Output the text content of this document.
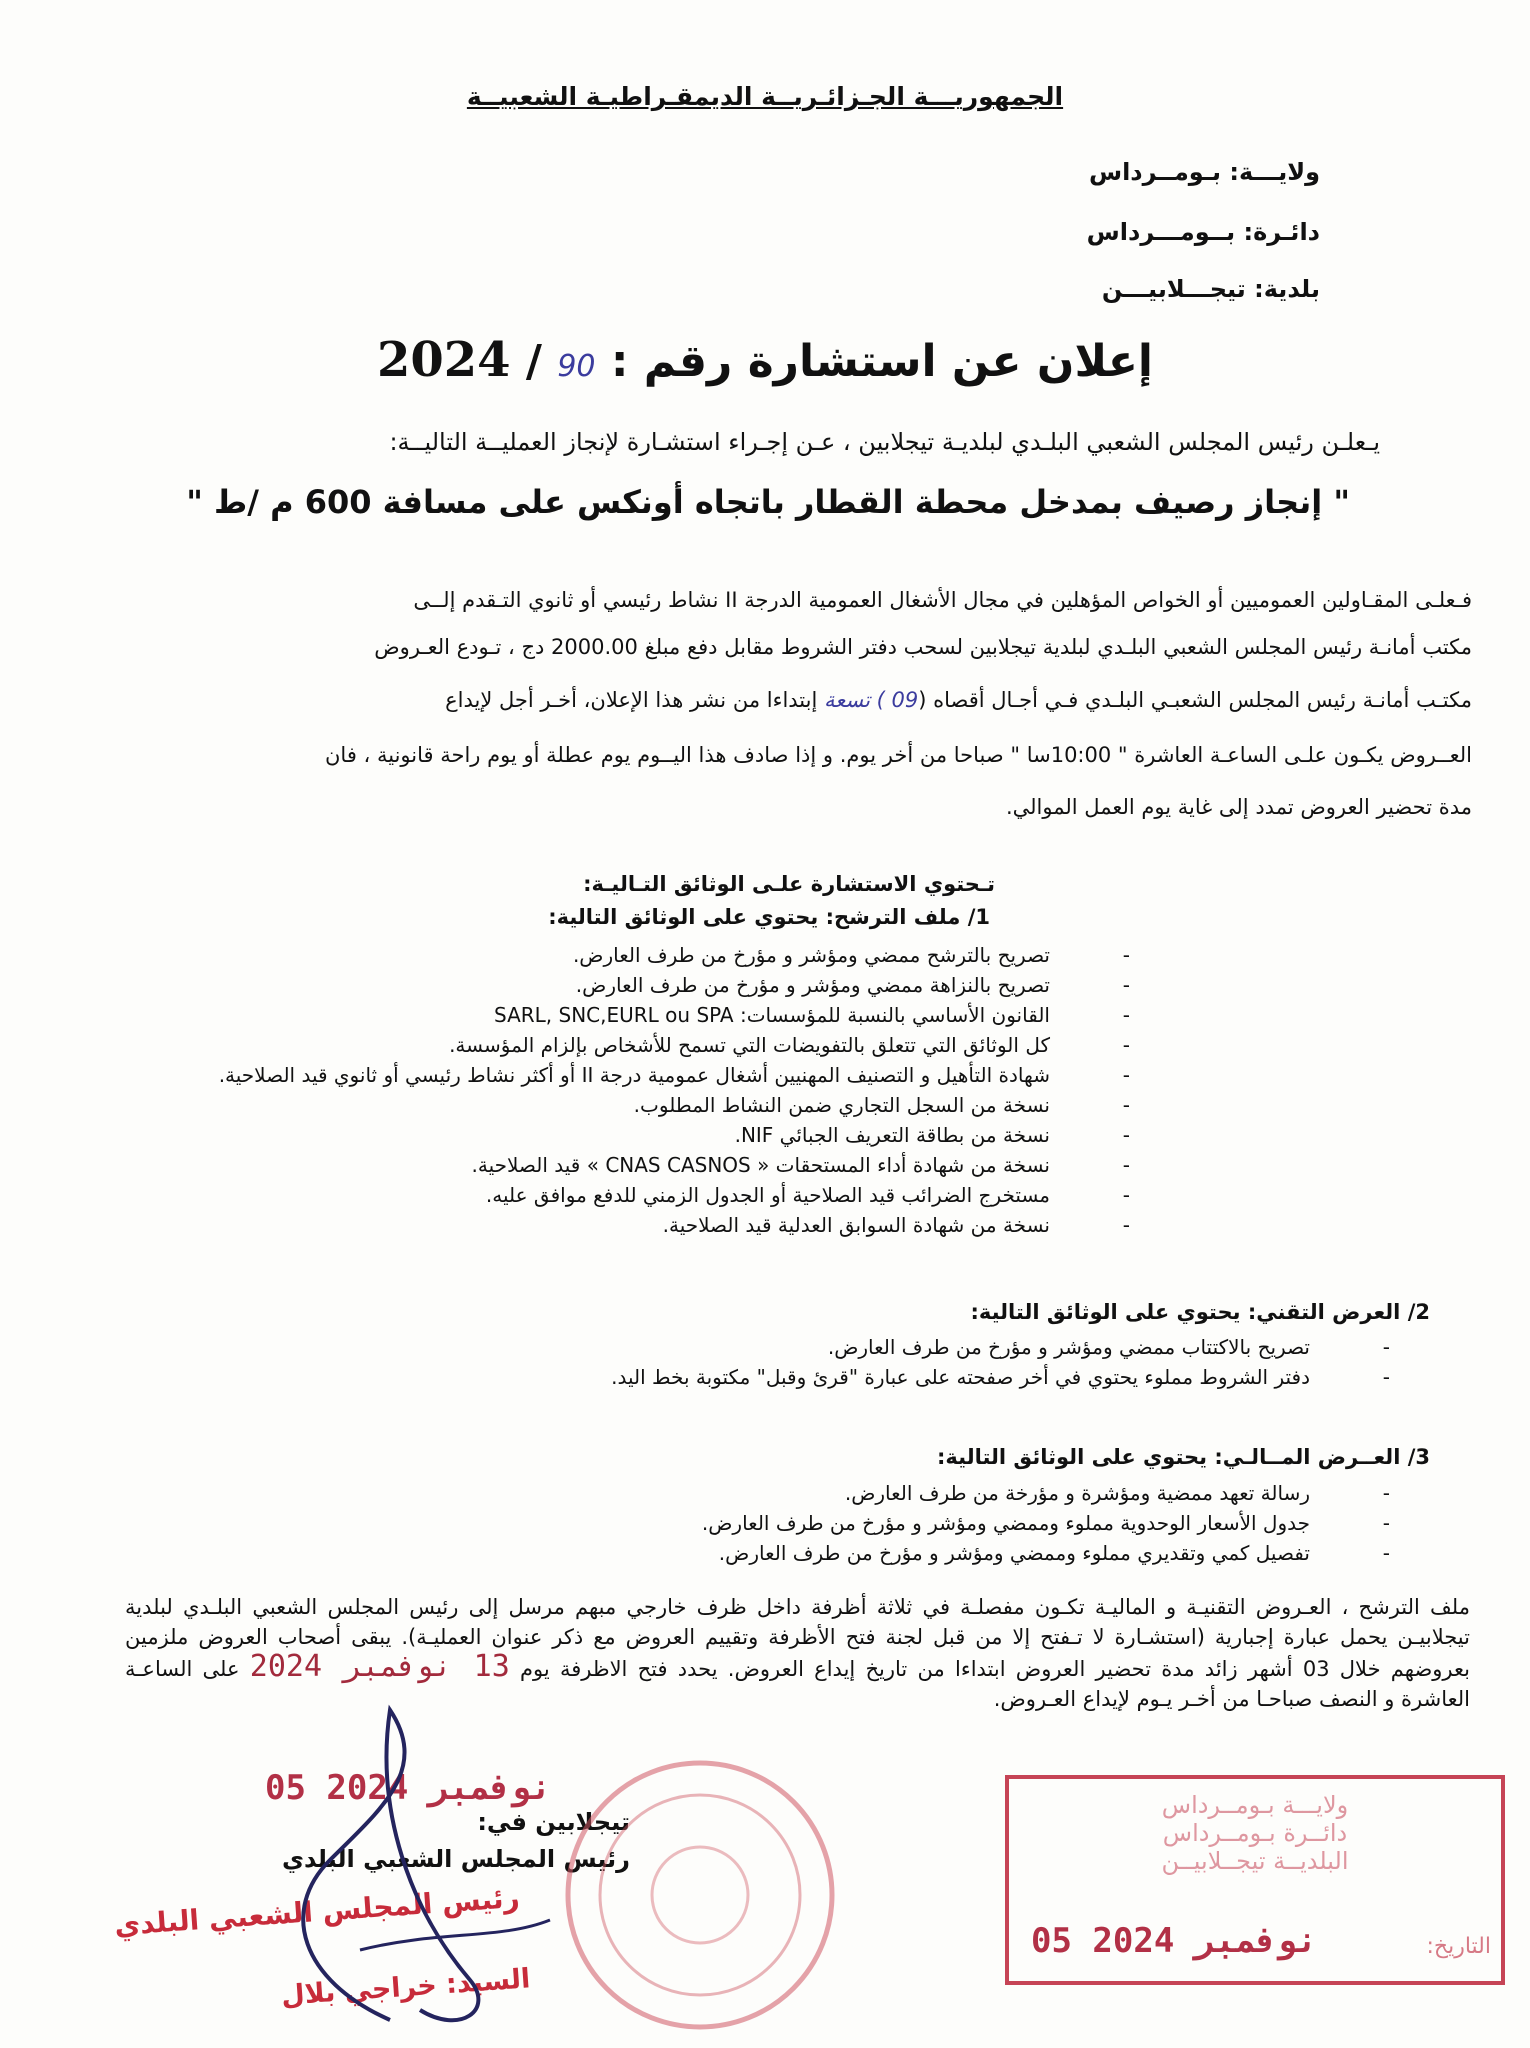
الجمهوريـــة الجـزائـريــة الديمقـراطيـة الشعبيــة
ولايـــة: بـومــرداس
دائـرة: بــومـــرداس
بلدية: تيجـــلابيـــن
إعلان عن استشارة رقم : 90 / 2024
يـعلـن رئيس المجلس الشعبي البلـدي لبلديـة تيجلابين ، عـن إجـراء استشـارة لإنجاز العمليــة التاليــة:
" إنجاز رصيف بمدخل محطة القطار باتجاه أونكس على مسافة 600 م /ط "
فـعلـى المقـاولين العموميين أو الخواص المؤهلين في مجال الأشغال العمومية الدرجة II نشاط رئيسي أو ثانوي التـقدم إلــى
مكتب أمانـة رئيس المجلس الشعبي البلـدي لبلدية تيجلابين لسحب دفتر الشروط مقابل دفع مبلغ 2000.00 دج ، تـودع العـروض
مكتـب أمانـة رئيس المجلس الشعبـي البلـدي فـي أجـال أقصاه (09 ) تسعة إبتداءا من نشر هذا الإعلان، أخـر أجل لإيداع
العــروض يكـون علـى الساعـة العاشرة " 10:00سا " صباحا من أخر يوم. و إذا صادف هذا اليــوم يوم عطلة أو يوم راحة قانونية ، فان
مدة تحضير العروض تمدد إلى غاية يوم العمل الموالي.
تـحتوي الاستشارة علـى الوثائق التـاليـة:
1/ ملف الترشح: يحتوي على الوثائق التالية:
- تصريح بالترشح ممضي ومؤشر و مؤرخ من طرف العارض.
- تصريح بالنزاهة ممضي ومؤشر و مؤرخ من طرف العارض.
- القانون الأساسي بالنسبة للمؤسسات: SARL, SNC,EURL ou SPA
- كل الوثائق التي تتعلق بالتفويضات التي تسمح للأشخاص بإلزام المؤسسة.
- شهادة التأهيل و التصنيف المهنيين أشغال عمومية درجة II أو أكثر نشاط رئيسي أو ثانوي قيد الصلاحية.
- نسخة من السجل التجاري ضمن النشاط المطلوب.
- نسخة من بطاقة التعريف الجبائي NIF.
- نسخة من شهادة أداء المستحقات « CNAS CASNOS » قيد الصلاحية.
- مستخرج الضرائب قيد الصلاحية أو الجدول الزمني للدفع موافق عليه.
- نسخة من شهادة السوابق العدلية قيد الصلاحية.
2/ العرض التقني: يحتوي على الوثائق التالية:
- تصريح بالاكتتاب ممضي ومؤشر و مؤرخ من طرف العارض.
- دفتر الشروط مملوء يحتوي في أخر صفحته على عبارة "قرئ وقبل" مكتوبة بخط اليد.
3/ العــرض المــالـي: يحتوي على الوثائق التالية:
- رسالة تعهد ممضية ومؤشرة و مؤرخة من طرف العارض.
- جدول الأسعار الوحدوية مملوء وممضي ومؤشر و مؤرخ من طرف العارض.
- تفصيل كمي وتقديري مملوء وممضي ومؤشر و مؤرخ من طرف العارض.
ملف الترشح ، العـروض التقنيـة و الماليـة تكـون مفصلـة في ثلاثة أظرفة داخل ظرف خارجي مبهم مرسل إلى رئيس المجلس الشعبي البلـدي لبلدية تيجلابيـن يحمل عبارة إجبارية (استشـارة لا تـفتح إلا من قبل لجنة فتح الأظرفة وتقييم العروض مع ذكر عنوان العمليـة). يبقى أصحاب العروض ملزمين بعروضهم خلال 03 أشهر زائد مدة تحضير العروض ابتداءا من تاريخ إيداع العروض. يحدد فتح الاظرفة يوم 13 نوفمبر 2024 على الساعـة العاشرة و النصف صباحـا من أخـر يـوم لإيداع العـروض.
05 نوفمبر 2024
تيجلابين في:
رئيس المجلس الشعبي البلدي
رئيس المجلس الشعبي البلدي
السيد: خراجي بلال
ولايـــة بـومــرداس
دائــرة بـومــرداس
البلديــة تيجــلابيــن
التاريخ:
05 نوفمبر 2024
